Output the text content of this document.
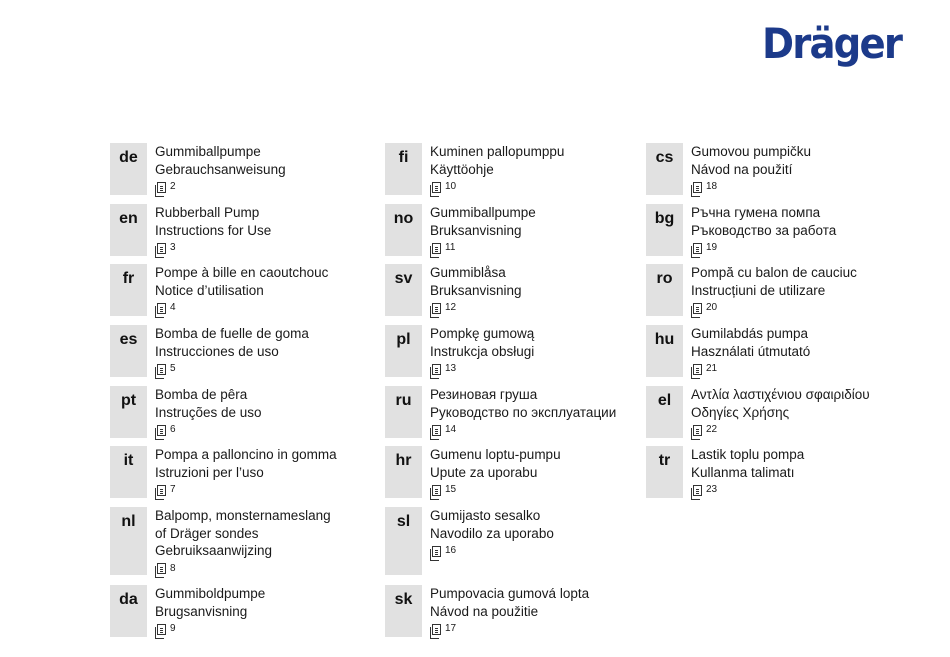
Dräger
de	Gummiballpumpe
Gebrauchsanweisung
2
en	Rubberball Pump
Instructions for Use
3
fr	Pompe à bille en caoutchouc
Notice d’utilisation
4
es	Bomba de fuelle de goma
Instrucciones de uso
5
pt	Bomba de pêra
Instruções de uso
6
it	Pompa a palloncino in gomma
Istruzioni per l’uso
7
nl	Balpomp, monsternameslang
of Dräger sondes
Gebruiksaanwijzing
8
da	Gummiboldpumpe
Brugsanvisning
9
fi	Kuminen pallopumppu
Käyttöohje
10
no	Gummiballpumpe
Bruksanvisning
11
sv	Gummiblåsa
Bruksanvisning
12
pl	Pompkę gumową
Instrukcja obsługi
13
ru	Резиновая груша
Руководство по эксплуатации
14
hr	Gumenu loptu-pumpu
Upute za uporabu
15
sl	Gumijasto sesalko
Navodilo za uporabo
16
sk	Pumpovacia gumová lopta
Návod na použitie
17
cs	Gumovou pumpičku
Návod na použití
18
bg	Ръчна гумена помпа
Ръководство за работа
19
ro	Pompă cu balon de cauciuc
Instrucțiuni de utilizare
20
hu	Gumilabdás pumpa
Használati útmutató
21
el	Αντλία λαστιχένιου σφαιριδίου
Οδηγίες Χρήσης
22
tr	Lastik toplu pompa
Kullanma talimatı
23
